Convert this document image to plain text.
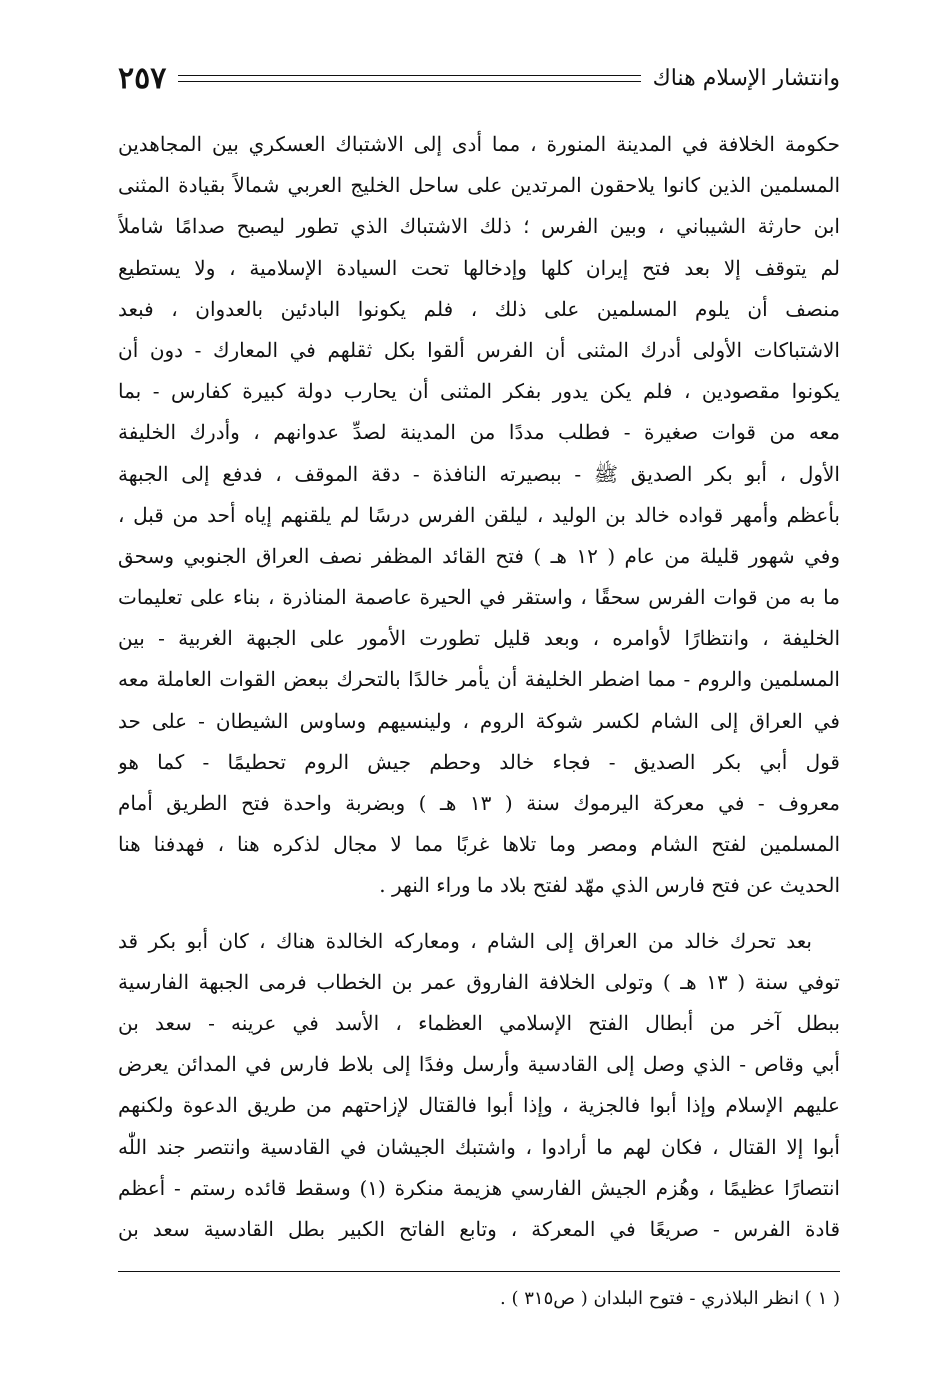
وانتشار الإسلام هناك
٢٥٧
حكومة الخلافة في المدينة المنورة ، مما أدى إلى الاشتباك العسكري بين المجاهدين
المسلمين الذين كانوا يلاحقون المرتدين على ساحل الخليج العربي شمالاً بقيادة المثنى
ابن حارثة الشيباني ، وبين الفرس ؛ ذلك الاشتباك الذي تطور ليصبح صدامًا شاملاً
لم يتوقف إلا بعد فتح إيران كلها وإدخالها تحت السيادة الإسلامية ، ولا يستطيع
منصف أن يلوم المسلمين على ذلك ، فلم يكونوا البادئين بالعدوان ، فبعد
الاشتباكات الأولى أدرك المثنى أن الفرس ألقوا بكل ثقلهم في المعارك - دون أن
يكونوا مقصودين ، فلم يكن يدور بفكر المثنى أن يحارب دولة كبيرة كفارس - بما
معه من قوات صغيرة - فطلب مددًا من المدينة لصدِّ عدوانهم ، وأدرك الخليفة
الأول ، أبو بكر الصديق ﷺ - ببصيرته النافذة - دقة الموقف ، فدفع إلى الجبهة
بأعظم وأمهر قواده خالد بن الوليد ، ليلقن الفرس درسًا لم يلقنهم إياه أحد من قبل ،
وفي شهور قليلة من عام ( ١٢ هـ ) فتح القائد المظفر نصف العراق الجنوبي وسحق
ما به من قوات الفرس سحقًا ، واستقر في الحيرة عاصمة المناذرة ، بناء على تعليمات
الخليفة ، وانتظارًا لأوامره ، وبعد قليل تطورت الأمور على الجبهة الغربية - بين
المسلمين والروم - مما اضطر الخليفة أن يأمر خالدًا بالتحرك ببعض القوات العاملة معه
في العراق إلى الشام لكسر شوكة الروم ، ولينسيهم وساوس الشيطان - على حد
قول أبي بكر الصديق - فجاء خالد وحطم جيش الروم تحطيمًا - كما هو
معروف - في معركة اليرموك سنة ( ١٣ هـ ) وبضربة واحدة فتح الطريق أمام
المسلمين لفتح الشام ومصر وما تلاها غربًا مما لا مجال لذكره هنا ، فهدفنا هنا
الحديث عن فتح فارس الذي مهّد لفتح بلاد ما وراء النهر .
بعد تحرك خالد من العراق إلى الشام ، ومعاركه الخالدة هناك ، كان أبو بكر قد
توفي سنة ( ١٣ هـ ) وتولى الخلافة الفاروق عمر بن الخطاب فرمى الجبهة الفارسية
ببطل آخر من أبطال الفتح الإسلامي العظماء ، الأسد في عرينه - سعد بن
أبي وقاص - الذي وصل إلى القادسية وأرسل وفدًا إلى بلاط فارس في المدائن يعرض
عليهم الإسلام وإذا أبوا فالجزية ، وإذا أبوا فالقتال لإزاحتهم من طريق الدعوة ولكنهم
أبوا إلا القتال ، فكان لهم ما أرادوا ، واشتبك الجيشان في القادسية وانتصر جند اللّٰه
انتصارًا عظيمًا ، وهُزم الجيش الفارسي هزيمة منكرة (١) وسقط قائده رستم - أعظم
قادة الفرس - صريعًا في المعركة ، وتابع الفاتح الكبير بطل القادسية سعد بن
( ١ ) انظر البلاذري - فتوح البلدان ( ص٣١٥ ) .
